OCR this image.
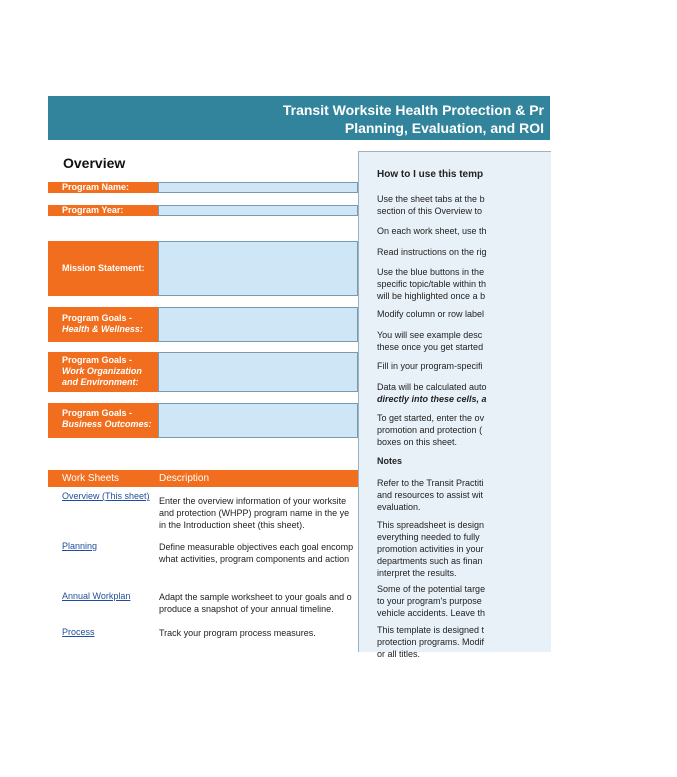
Transit Worksite Health Protection & Pr
Planning, Evaluation, and ROI
Overview
Program Name:
Program Year:
Mission Statement:
Program Goals -
Health & Wellness:
Program Goals -
Work Organization
and Environment:
Program Goals -
Business Outcomes:
How to I use this temp
Use the sheet tabs at the b
section of this Overview to
On each work sheet, use th
Read instructions on the rig
Use the blue buttons in the
specific topic/table within th
will be highlighted once a b
Modify column or row label
You will see example desc
these once you get started
Fill in your program-specifi
Data will be calculated auto
directly into these cells, a
To get started, enter the ov
promotion and protection (
boxes on this sheet.
Notes
Refer to the Transit Practiti
and resources to assist wit
evaluation.
This spreadsheet is design
everything needed to fully
promotion activities in your
departments such as finan
interpret the results.
Some of the potential targe
to your program's purpose
vehicle accidents. Leave th
This template is designed t
protection programs. Modif
or all titles.
Work Sheets	Description
Overview (This sheet) Enter the overview information of your worksite
and protection (WHPP) program name in the ye
in the Introduction sheet (this sheet).
Planning	Define measurable objectives each goal encomp
what activities, program components and action
Annual Workplan	Adapt the sample worksheet to your goals and o
produce a snapshot of your annual timeline.
Process	Track your program process measures.
